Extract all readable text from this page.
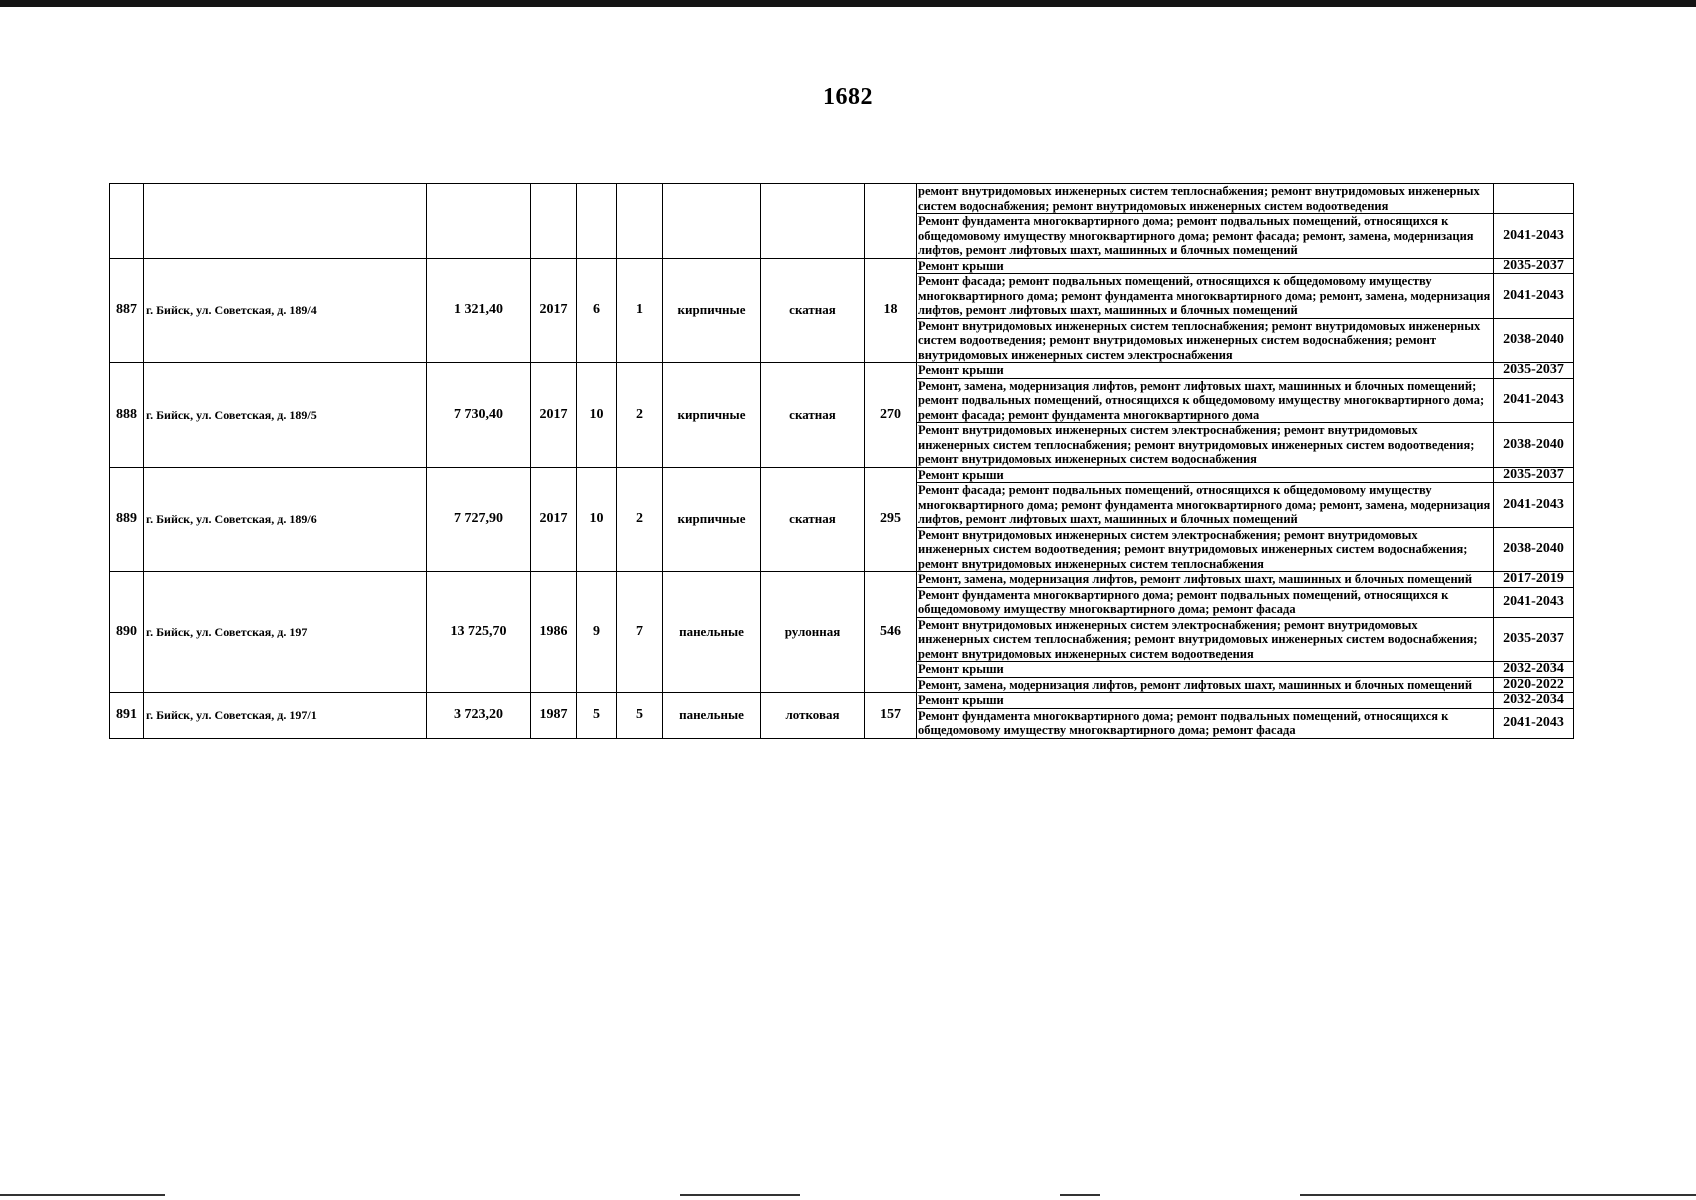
1682
									ремонт внутридомовых инженерных систем теплоснабжения; ремонт внутридомовых инженерных систем водоснабжения; ремонт внутридомовых инженерных систем водоотведения	
									Ремонт фундамента многоквартирного дома; ремонт подвальных помещений, относящихся к общедомовому имуществу многоквартирного дома; ремонт фасада; ремонт, замена, модернизация лифтов, ремонт лифтовых шахт, машинных и блочных помещений	2041-2043
887	г. Бийск, ул. Советская, д. 189/4	1 321,40	2017	6	1	кирпичные	скатная	18	Ремонт крыши	2035-2037
									Ремонт фасада; ремонт подвальных помещений, относящихся к общедомовому имуществу многоквартирного дома; ремонт фундамента многоквартирного дома; ремонт, замена, модернизация лифтов, ремонт лифтовых шахт, машинных и блочных помещений	2041-2043
									Ремонт внутридомовых инженерных систем теплоснабжения; ремонт внутридомовых инженерных систем водоотведения; ремонт внутридомовых инженерных систем водоснабжения; ремонт внутридомовых инженерных систем электроснабжения	2038-2040
888	г. Бийск, ул. Советская, д. 189/5	7 730,40	2017	10	2	кирпичные	скатная	270	Ремонт крыши	2035-2037
									Ремонт, замена, модернизация лифтов, ремонт лифтовых шахт, машинных и блочных помещений; ремонт подвальных помещений, относящихся к общедомовому имуществу многоквартирного дома; ремонт фасада; ремонт фундамента многоквартирного дома	2041-2043
									Ремонт внутридомовых инженерных систем электроснабжения; ремонт внутридомовых инженерных систем теплоснабжения; ремонт внутридомовых инженерных систем водоотведения; ремонт внутридомовых инженерных систем водоснабжения	2038-2040
889	г. Бийск, ул. Советская, д. 189/6	7 727,90	2017	10	2	кирпичные	скатная	295	Ремонт крыши	2035-2037
									Ремонт фасада; ремонт подвальных помещений, относящихся к общедомовому имуществу многоквартирного дома; ремонт фундамента многоквартирного дома; ремонт, замена, модернизация лифтов, ремонт лифтовых шахт, машинных и блочных помещений	2041-2043
									Ремонт внутридомовых инженерных систем электроснабжения; ремонт внутридомовых инженерных систем водоотведения; ремонт внутридомовых инженерных систем водоснабжения; ремонт внутридомовых инженерных систем теплоснабжения	2038-2040
890	г. Бийск, ул. Советская, д. 197	13 725,70	1986	9	7	панельные	рулонная	546	Ремонт, замена, модернизация лифтов, ремонт лифтовых шахт, машинных и блочных помещений	2017-2019
									Ремонт фундамента многоквартирного дома; ремонт подвальных помещений, относящихся к общедомовому имуществу многоквартирного дома; ремонт фасада	2041-2043
									Ремонт внутридомовых инженерных систем электроснабжения; ремонт внутридомовых инженерных систем теплоснабжения; ремонт внутридомовых инженерных систем водоснабжения; ремонт внутридомовых инженерных систем водоотведения	2035-2037
									Ремонт крыши	2032-2034
									Ремонт, замена, модернизация лифтов, ремонт лифтовых шахт, машинных и блочных помещений	2020-2022
891	г. Бийск, ул. Советская, д. 197/1	3 723,20	1987	5	5	панельные	лотковая	157	Ремонт крыши	2032-2034
									Ремонт фундамента многоквартирного дома; ремонт подвальных помещений, относящихся к общедомовому имуществу многоквартирного дома; ремонт фасада	2041-2043
